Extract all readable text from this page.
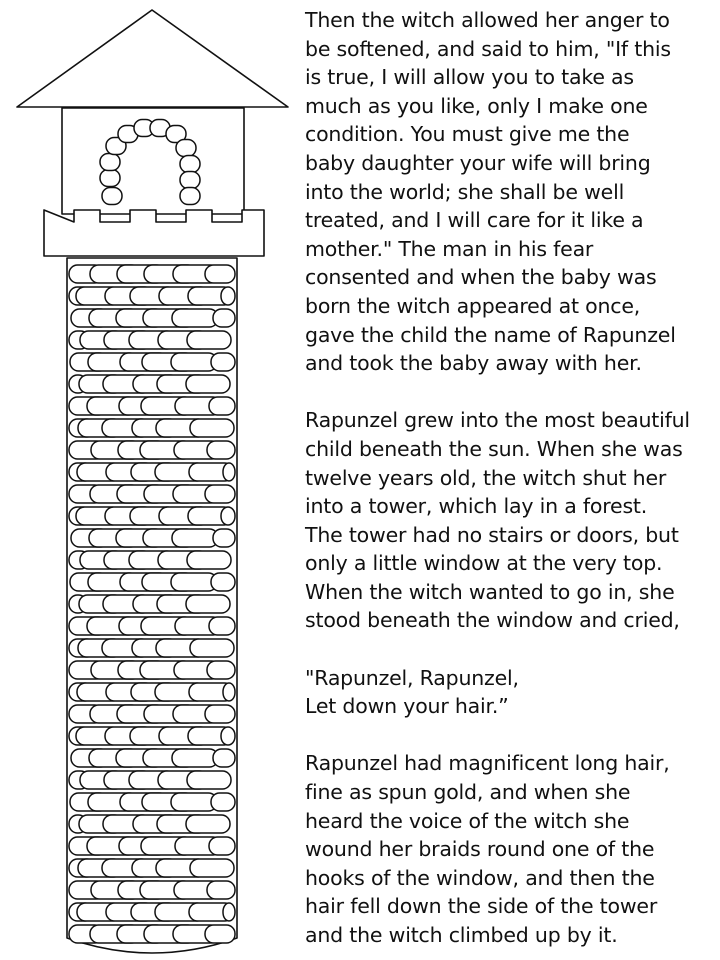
Then the witch allowed her anger to
be softened, and said to him, "If this
is true, I will allow you to take as
much as you like, only I make one
condition. You must give me the
baby daughter your wife will bring
into the world; she shall be well
treated, and I will care for it like a
mother." The man in his fear
consented and when the baby was
born the witch appeared at once,
gave the child the name of Rapunzel
and took the baby away with her.
Rapunzel grew into the most beautiful
child beneath the sun. When she was
twelve years old, the witch shut her
into a tower, which lay in a forest.
The tower had no stairs or doors, but
only a little window at the very top.
When the witch wanted to go in, she
stood beneath the window and cried,
"Rapunzel, Rapunzel,
Let down your hair.”
Rapunzel had magnificent long hair,
fine as spun gold, and when she
heard the voice of the witch she
wound her braids round one of the
hooks of the window, and then the
hair fell down the side of the tower
and the witch climbed up by it.
